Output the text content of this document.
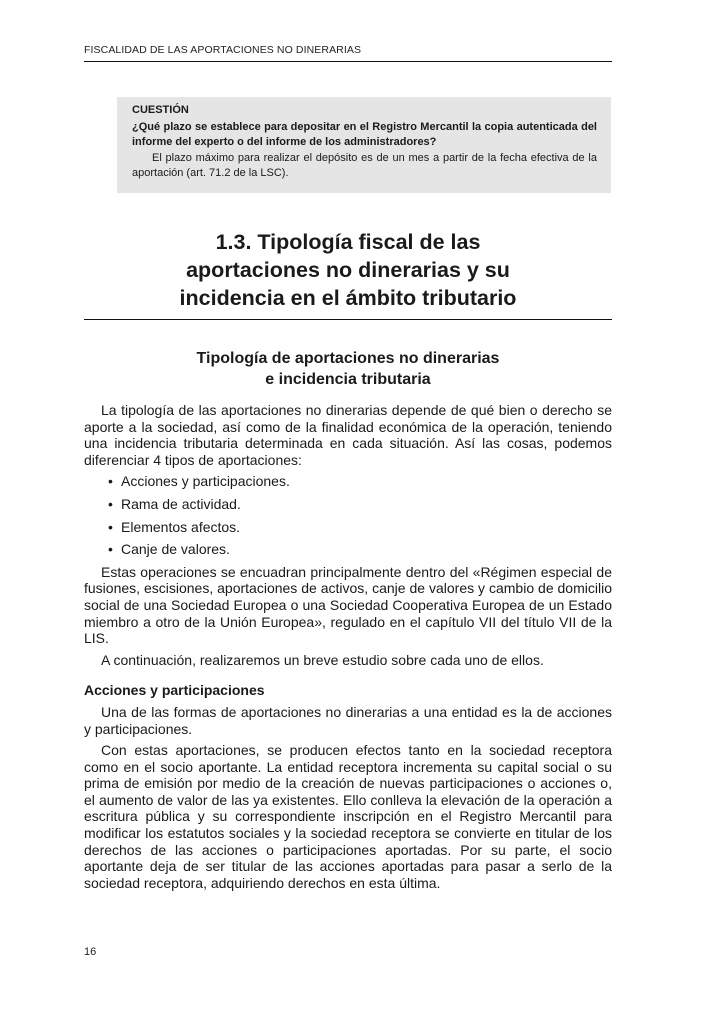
FISCALIDAD DE LAS APORTACIONES NO DINERARIAS
CUESTIÓN
¿Qué plazo se establece para depositar en el Registro Mercantil la copia autenticada del informe del experto o del informe de los administradores?
El plazo máximo para realizar el depósito es de un mes a partir de la fecha efectiva de la aportación (art. 71.2 de la LSC).
1.3. Tipología fiscal de las
aportaciones no dinerarias y su
incidencia en el ámbito tributario
Tipología de aportaciones no dinerarias
e incidencia tributaria

La tipología de las aportaciones no dinerarias depende de qué bien o derecho se aporte a la sociedad, así como de la finalidad económica de la operación, teniendo una incidencia tributaria determinada en cada situación. Así las cosas, podemos diferenciar 4 tipos de aportaciones:

• Acciones y participaciones.
• Rama de actividad.
• Elementos afectos.
• Canje de valores.

Estas operaciones se encuadran principalmente dentro del «Régimen especial de fusiones, escisiones, aportaciones de activos, canje de valores y cambio de domicilio social de una Sociedad Europea o una Sociedad Cooperativa Europea de un Estado miembro a otro de la Unión Europea», regulado en el capítulo VII del título VII de la LIS.

A continuación, realizaremos un breve estudio sobre cada uno de ellos.

Acciones y participaciones

Una de las formas de aportaciones no dinerarias a una entidad es la de acciones y participaciones.

Con estas aportaciones, se producen efectos tanto en la sociedad receptora como en el socio aportante. La entidad receptora incrementa su capital social o su prima de emisión por medio de la creación de nuevas participaciones o acciones o, el aumento de valor de las ya existentes. Ello conlleva la elevación de la operación a escritura pública y su correspondiente inscripción en el Registro Mercantil para modificar los estatutos sociales y la sociedad receptora se convierte en titular de los derechos de las acciones o participaciones aportadas. Por su parte, el socio aportante deja de ser titular de las acciones aportadas para pasar a serlo de la sociedad receptora, adquiriendo derechos en esta última.

16
